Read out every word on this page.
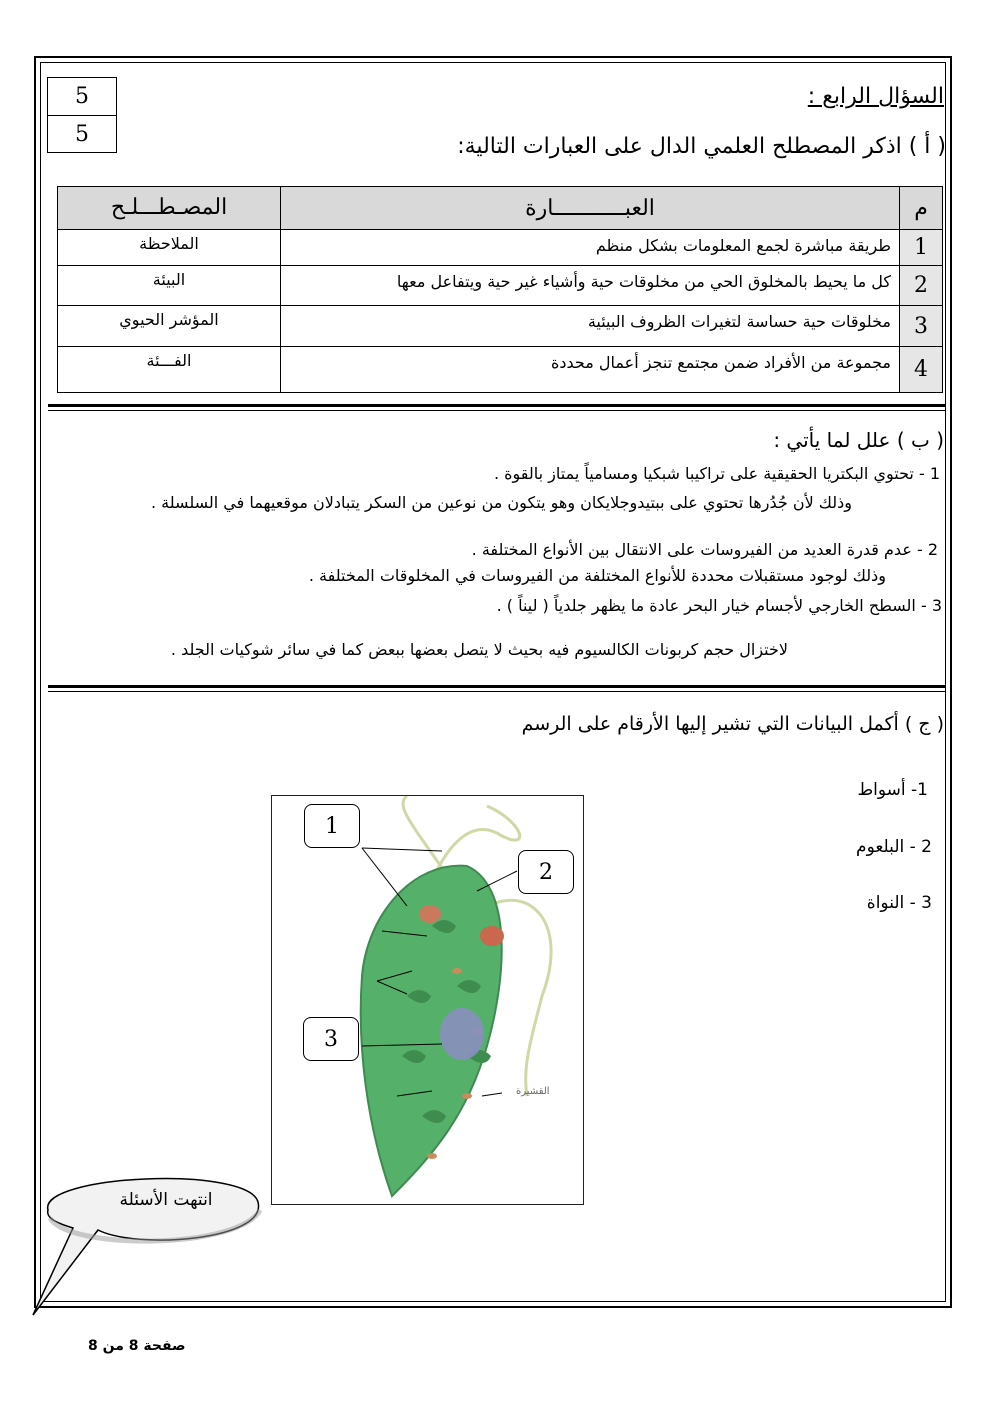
5
5
السؤال الرابع :
( أ ) اذكر المصطلح العلمي الدال على العبارات التالية:
م	العبـــــــــــارة	المصـطـــلـح
1	طريقة مباشرة لجمع المعلومات بشكل منظم	الملاحظة
2	كل ما يحيط بالمخلوق الحي من مخلوقات حية وأشياء غير حية ويتفاعل معها	البيئة
3	مخلوقات حية حساسة لتغيرات الظروف البيئية	المؤشر الحيوي
4	مجموعة من الأفراد ضمن مجتمع تنجز أعمال محددة	الفـــئة
( ب ) علل لما يأتي :
1 - تحتوي البكتريا الحقيقية على تراكيبا شبكيا ومسامياً يمتاز بالقوة .
وذلك لأن جُدُرها تحتوي على ببتيدوجلايكان وهو يتكون من نوعين من السكر يتبادلان موقعيهما في السلسلة .
2 - عدم قدرة العديد من الفيروسات على الانتقال بين الأنواع المختلفة .
وذلك لوجود مستقبلات محددة للأنواع المختلفة من الفيروسات في المخلوقات المختلفة .
3 - السطح الخارجي لأجسام خيار البحر عادة ما يظهر جلدياً ( ليناً ) .
لاختزال حجم كربونات الكالسيوم فيه بحيث لا يتصل بعضها ببعض كما في سائر شوكيات الجلد .
( ج ) أكمل البيانات التي تشير إليها الأرقام على الرسم
1- أسواط
2 - البلعوم
3 - النواة
القشيرة
1
2
3
انتهت الأسئلة
صفحة 8 من 8
